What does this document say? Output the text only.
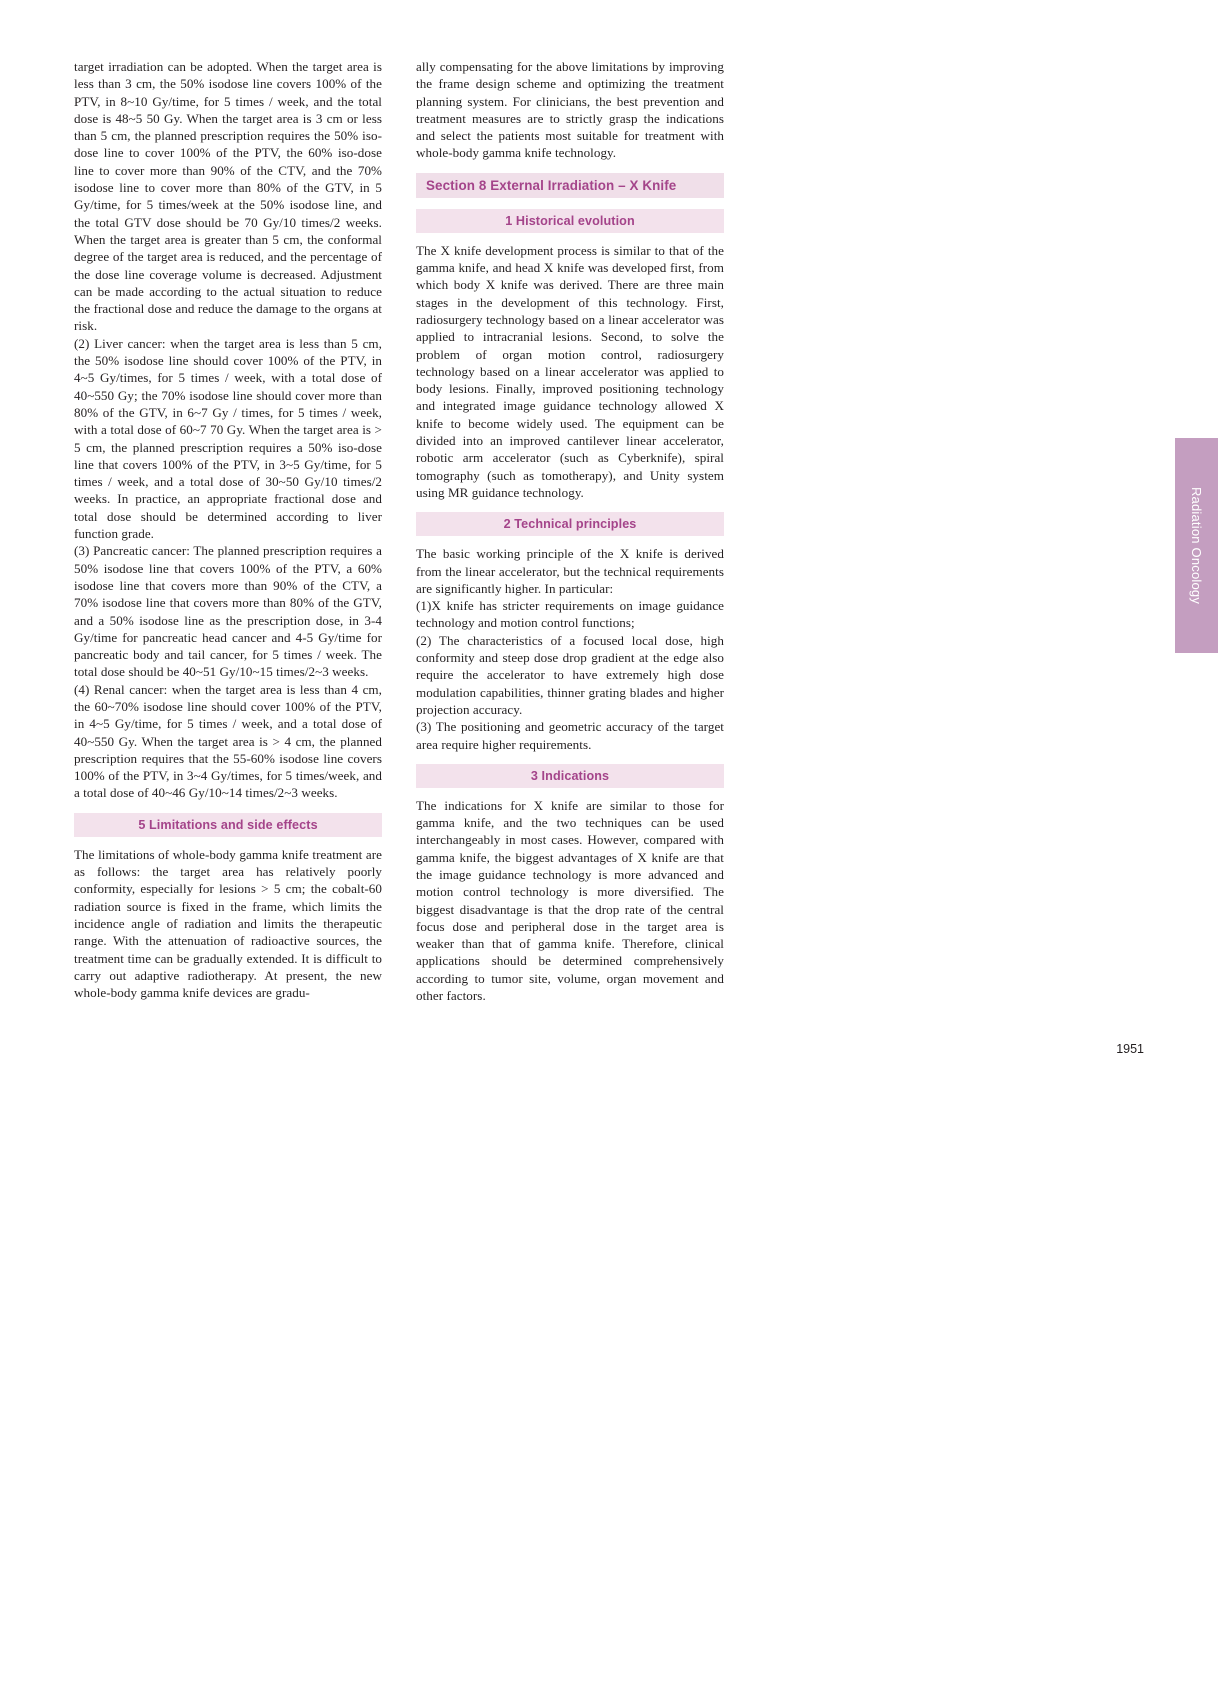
target irradiation can be adopted. When the target area is less than 3 cm, the 50% isodose line covers 100% of the PTV, in 8~10 Gy/time, for 5 times / week, and the total dose is 48~5 50 Gy. When the target area is 3 cm or less than 5 cm, the planned prescription requires the 50% iso-dose line to cover 100% of the PTV, the 60% iso-dose line to cover more than 90% of the CTV, and the 70% isodose line to cover more than 80% of the GTV, in 5 Gy/time, for 5 times/week at the 50% isodose line, and the total GTV dose should be 70 Gy/10 times/2 weeks. When the target area is greater than 5 cm, the conformal degree of the target area is reduced, and the percentage of the dose line coverage volume is decreased. Adjustment can be made according to the actual situation to reduce the fractional dose and reduce the damage to the organs at risk.

(2) Liver cancer: when the target area is less than 5 cm, the 50% isodose line should cover 100% of the PTV, in 4~5 Gy/times, for 5 times / week, with a total dose of 40~550 Gy; the 70% isodose line should cover more than 80% of the GTV, in 6~7 Gy / times, for 5 times / week, with a total dose of 60~7 70 Gy. When the target area is > 5 cm, the planned prescription requires a 50% iso-dose line that covers 100% of the PTV, in 3~5 Gy/time, for 5 times / week, and a total dose of 30~50 Gy/10 times/2 weeks. In practice, an appropriate fractional dose and total dose should be determined according to liver function grade.

(3) Pancreatic cancer: The planned prescription requires a 50% isodose line that covers 100% of the PTV, a 60% isodose line that covers more than 90% of the CTV, a 70% isodose line that covers more than 80% of the GTV, and a 50% isodose line as the prescription dose, in 3-4 Gy/time for pancreatic head cancer and 4-5 Gy/time for pancreatic body and tail cancer, for 5 times / week. The total dose should be 40~51 Gy/10~15 times/2~3 weeks.

(4) Renal cancer: when the target area is less than 4 cm, the 60~70% isodose line should cover 100% of the PTV, in 4~5 Gy/time, for 5 times / week, and a total dose of 40~550 Gy. When the target area is > 4 cm, the planned prescription requires that the 55-60% isodose line covers 100% of the PTV, in 3~4 Gy/times, for 5 times/week, and a total dose of 40~46 Gy/10~14 times/2~3 weeks.

5 Limitations and side effects

The limitations of whole-body gamma knife treatment are as follows: the target area has relatively poorly conformity, especially for lesions > 5 cm; the cobalt-60 radiation source is fixed in the frame, which limits the incidence angle of radiation and limits the therapeutic range. With the attenuation of radioactive sources, the treatment time can be gradually extended. It is difficult to carry out adaptive radiotherapy. At present, the new whole-body gamma knife devices are gradu-

ally compensating for the above limitations by improving the frame design scheme and optimizing the treatment planning system. For clinicians, the best prevention and treatment measures are to strictly grasp the indications and select the patients most suitable for treatment with whole-body gamma knife technology.

Section 8 External Irradiation – X Knife
1 Historical evolution

The X knife development process is similar to that of the gamma knife, and head X knife was developed first, from which body X knife was derived. There are three main stages in the development of this technology. First, radiosurgery technology based on a linear accelerator was applied to intracranial lesions. Second, to solve the problem of organ motion control, radiosurgery technology based on a linear accelerator was applied to body lesions. Finally, improved positioning technology and integrated image guidance technology allowed X knife to become widely used. The equipment can be divided into an improved cantilever linear accelerator, robotic arm accelerator (such as Cyberknife), spiral tomography (such as tomotherapy), and Unity system using MR guidance technology.

2 Technical principles

The basic working principle of the X knife is derived from the linear accelerator, but the technical requirements are significantly higher. In particular:

(1)X knife has stricter requirements on image guidance technology and motion control functions;

(2) The characteristics of a focused local dose, high conformity and steep dose drop gradient at the edge also require the accelerator to have extremely high dose modulation capabilities, thinner grating blades and higher projection accuracy.

(3) The positioning and geometric accuracy of the target area require higher requirements.

3 Indications

The indications for X knife are similar to those for gamma knife, and the two techniques can be used interchangeably in most cases. However, compared with gamma knife, the biggest advantages of X knife are that the image guidance technology is more advanced and motion control technology is more diversified. The biggest disadvantage is that the drop rate of the central focus dose and peripheral dose in the target area is weaker than that of gamma knife. Therefore, clinical applications should be determined comprehensively according to tumor site, volume, organ movement and other factors.

Radiation Oncology
1951
